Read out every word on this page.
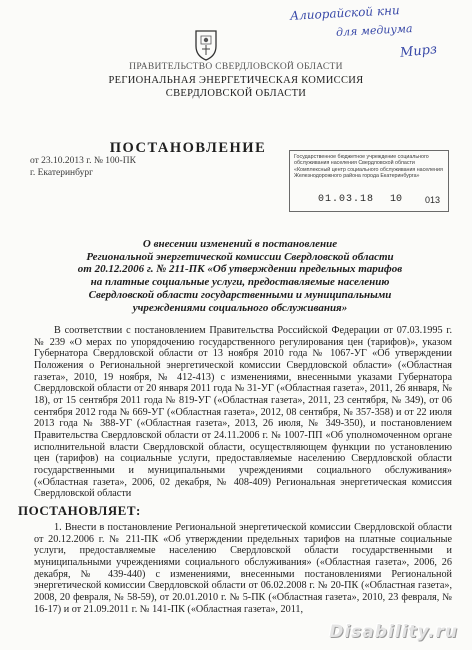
Алиорайской кни
для медиума
Мирз
ПРАВИТЕЛЬСТВО СВЕРДЛОВСКОЙ ОБЛАСТИ
РЕГИОНАЛЬНАЯ ЭНЕРГЕТИЧЕСКАЯ КОМИССИЯ
СВЕРДЛОВСКОЙ ОБЛАСТИ
ПОСТАНОВЛЕНИЕ
от 23.10.2013 г. № 100-ПК
г. Екатеринбург
Государственное бюджетное учреждение социального обслуживания населения Свердловской области «Комплексный центр социального обслуживания населения Железнодорожного района города Екатеринбурга»
01.03.18 10	013
О внесении изменений в постановление
Региональной энергетической комиссии Свердловской области
от 20.12.2006 г. № 211-ПК «Об утверждении предельных тарифов
на платные социальные услуги, предоставляемые населению
Свердловской области государственными и муниципальными
учреждениями социального обслуживания»

В соответствии с постановлением Правительства Российской Федерации от 07.03.1995 г. № 239 «О мерах по упорядочению государственного регулирования цен (тарифов)», указом Губернатора Свердловской области от 13 ноября 2010 года № 1067-УГ «Об утверждении Положения о Региональной энергетической комиссии Свердловской области» («Областная газета», 2010, 19 ноября, № 412-413) с изменениями, внесенными указами Губернатора Свердловской области от 20 января 2011 года № 31-УГ («Областная газета», 2011, 26 января, № 18), от 15 сентября 2011 года № 819-УГ («Областная газета», 2011, 23 сентября, № 349), от 06 сентября 2012 года № 669-УГ («Областная газета», 2012, 08 сентября, № 357-358) и от 22 июля 2013 года № 388-УГ («Областная газета», 2013, 26 июля, № 349-350), и постановлением Правительства Свердловской области от 24.11.2006 г. № 1007-ПП «Об уполномоченном органе исполнительной власти Свердловской области, осуществляющем функции по установлению цен (тарифов) на социальные услуги, предоставляемые населению Свердловской области государственными и муниципальными учреждениями социального обслуживания» («Областная газета», 2006, 02 декабря, № 408-409) Региональная энергетическая комиссия Свердловской области

ПОСТАНОВЛЯЕТ:

1. Внести в постановление Региональной энергетической комиссии Свердловской области от 20.12.2006 г. № 211-ПК «Об утверждении предельных тарифов на платные социальные услуги, предоставляемые населению Свердловской области государственными и муниципальными учреждениями социального обслуживания» («Областная газета», 2006, 26 декабря, № 439-440) с изменениями, внесенными постановлениями Региональной энергетической комиссии Свердловской области от 06.02.2008 г. № 20-ПК («Областная газета», 2008, 20 февраля, № 58-59), от 20.01.2010 г. № 5-ПК («Областная газета», 2010, 23 февраля, № 16-17) и от 21.09.2011 г. № 141-ПК («Областная газета», 2011,

Disability.ru
